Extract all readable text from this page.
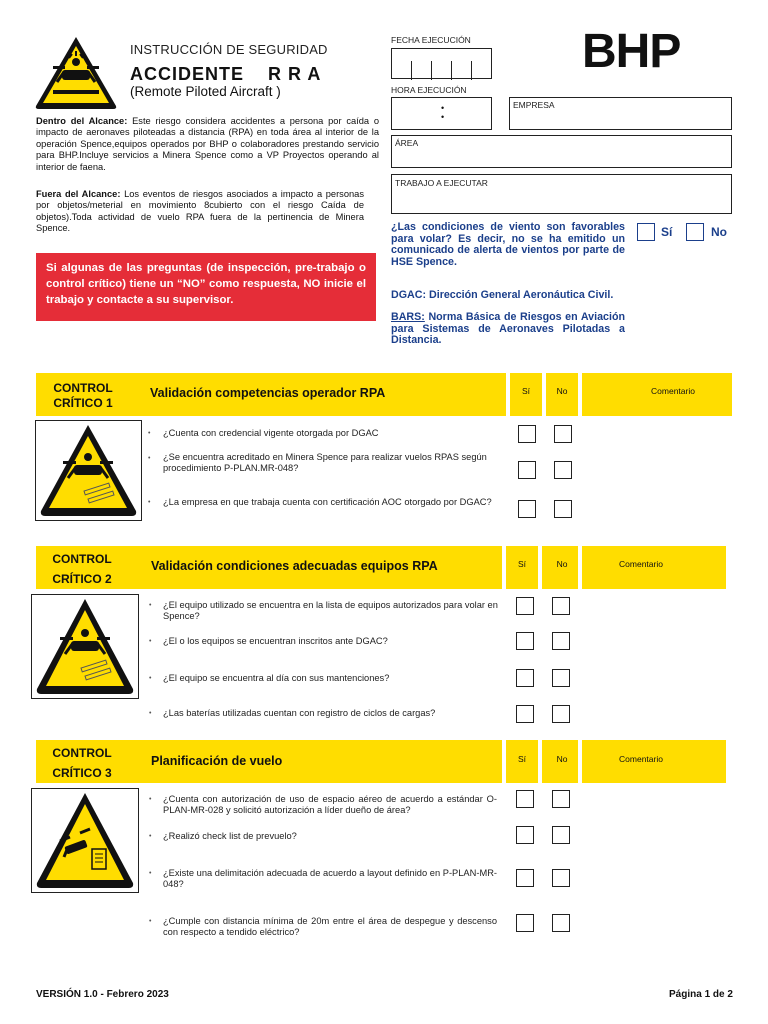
INSTRUCCIÓN DE SEGURIDAD
ACCIDENTE    R R A
(Remote Piloted Aircraft )
Dentro del Alcance: Este riesgo considera accidentes a persona por caída o impacto de aeronaves piloteadas a distancia (RPA) en toda área al interior de la operación Spence,equipos operados por BHP o colaboradores prestando servicio para BHP.Incluye servicios a Minera Spence como a VP Proyectos operando al interior de faena.
Fuera del Alcance: Los eventos de riesgos asociados a impacto a personas por objetos/meterial en movimiento 8cubierto con el riesgo Caída de objetos).Toda actividad de vuelo RPA fuera de la pertinencia de Minera Spence.
Si algunas de las preguntas (de inspección, pre-trabajo o control crítico) tiene un “NO” como respuesta, NO inicie el trabajo y contacte a su supervisor.
FECHA EJECUCIÓN
HORA EJECUCIÓN
•
•
BHP
EMPRESA
ÁREA
TRABAJO A EJECUTAR
¿Las condiciones de viento son favorables para volar? Es decir, no se ha emitido un comunicado de alerta de vientos por parte de HSE Spence.
Sí	No
DGAC: Dirección General Aeronáutica Civil.
BARS: Norma Básica de Riesgos en Aviación para Sistemas de Aeronaves Pilotadas a Distancia.
CONTROL
CRÍTICO 1
Validación competencias operador RPA	Sí	No	Comentario
• ¿Cuenta con credencial vigente otorgada por DGAC
• ¿Se encuentra acreditado en Minera Spence para realizar vuelos RPAS según procedimiento P-PLAN.MR-048?
• ¿La empresa en que trabaja cuenta con certificación AOC otorgado por DGAC?
CONTROL
CRÍTICO 2
Validación condiciones adecuadas equipos RPA	Sí	No	Comentario
• ¿El equipo utilizado se encuentra en la lista de equipos autorizados para volar en Spence?
• ¿El o los equipos se encuentran inscritos ante DGAC?
• ¿El equipo se encuentra al día con sus mantenciones?
• ¿Las baterías utilizadas cuentan con registro de ciclos de cargas?
CONTROL
CRÍTICO 3
Planificación de vuelo	Sí	No	Comentario
• ¿Cuenta con autorización de uso de espacio aéreo de acuerdo a estándar O-PLAN-MR-028 y solicitó autorización a líder dueño de área?
• ¿Realizó check list de prevuelo?
• ¿Existe una delimitación adecuada de acuerdo a layout definido en P-PLAN-MR-048?
• ¿Cumple con distancia mínima de 20m entre el área de despegue y descenso con respecto a tendido eléctrico?
VERSIÓN 1.0 - Febrero 2023	Página 1 de 2
